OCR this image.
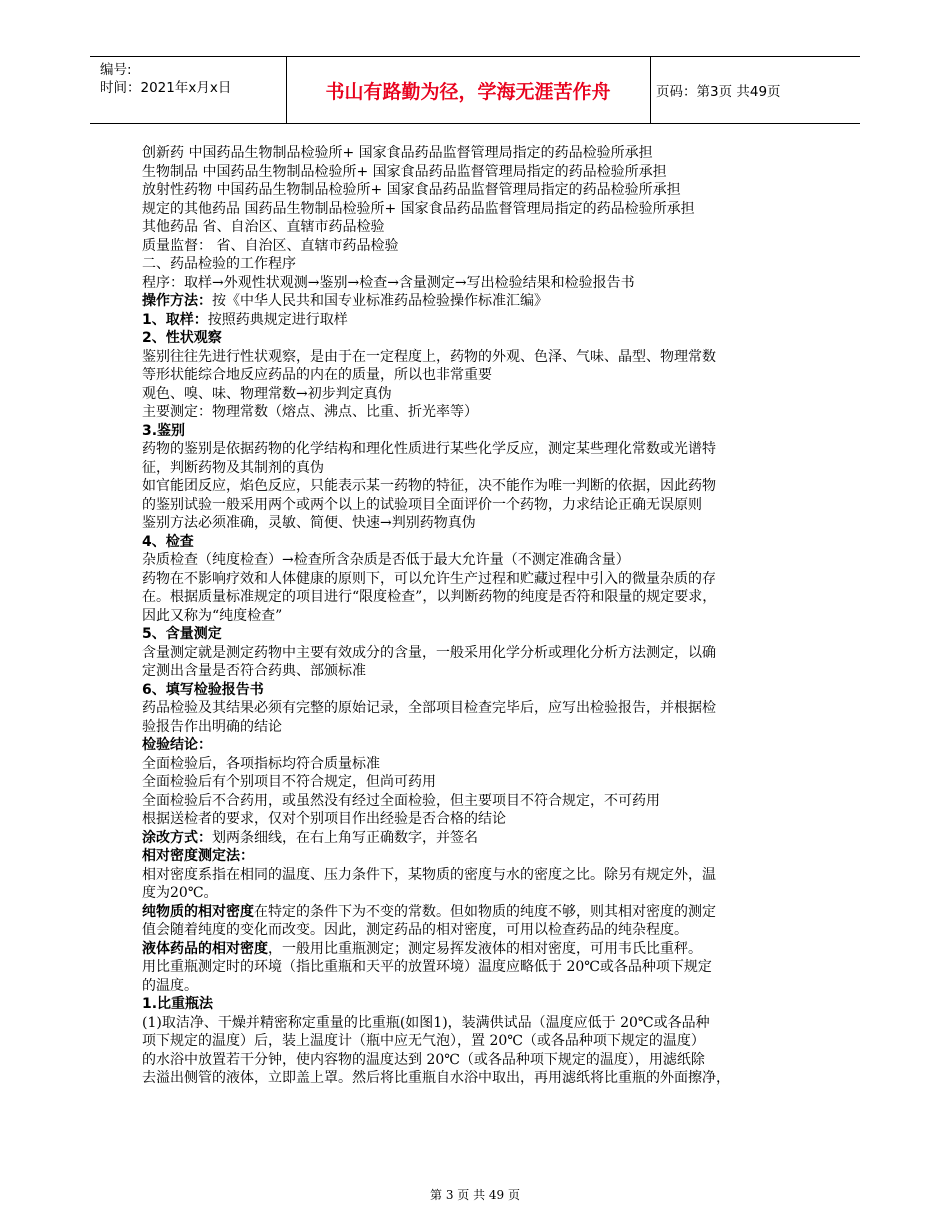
编号:
时间：2021年x月x日	书山有路勤为径，学海无涯苦作舟	页码：第3页 共49页
创新药 中国药品生物制品检验所+ 国家食品药品监督管理局指定的药品检验所承担
生物制品 中国药品生物制品检验所+ 国家食品药品监督管理局指定的药品检验所承担
放射性药物 中国药品生物制品检验所+ 国家食品药品监督管理局指定的药品检验所承担
规定的其他药品 国药品生物制品检验所+ 国家食品药品监督管理局指定的药品检验所承担
其他药品 省、自治区、直辖市药品检验
质量监督： 省、自治区、直辖市药品检验
二、药品检验的工作程序
程序：取样→外观性状观测→鉴别→检查→含量测定→写出检验结果和检验报告书
操作方法：按《中华人民共和国专业标准药品检验操作标准汇编》
1、取样：按照药典规定进行取样
2、性状观察
鉴别往往先进行性状观察，是由于在一定程度上，药物的外观、色泽、气味、晶型、物理常数
等形状能综合地反应药品的内在的质量，所以也非常重要
观色、嗅、味、物理常数→初步判定真伪
主要测定：物理常数（熔点、沸点、比重、折光率等）
3.鉴别
药物的鉴别是依据药物的化学结构和理化性质进行某些化学反应，测定某些理化常数或光谱特
征，判断药物及其制剂的真伪
如官能团反应，焰色反应，只能表示某一药物的特征，决不能作为唯一判断的依据，因此药物
的鉴别试验一般采用两个或两个以上的试验项目全面评价一个药物，力求结论正确无误原则
鉴别方法必须准确，灵敏、简便、快速→判别药物真伪
4、检查
杂质检查（纯度检查）→检查所含杂质是否低于最大允许量（不测定准确含量）
药物在不影响疗效和人体健康的原则下，可以允许生产过程和贮藏过程中引入的微量杂质的存
在。根据质量标准规定的项目进行“限度检查”，以判断药物的纯度是否符和限量的规定要求，
因此又称为“纯度检查”
5、含量测定
含量测定就是测定药物中主要有效成分的含量，一般采用化学分析或理化分析方法测定，以确
定测出含量是否符合药典、部颁标准
6、填写检验报告书
药品检验及其结果必须有完整的原始记录，全部项目检查完毕后，应写出检验报告，并根据检
验报告作出明确的结论
检验结论：
全面检验后，各项指标均符合质量标准
全面检验后有个别项目不符合规定，但尚可药用
全面检验后不合药用，或虽然没有经过全面检验，但主要项目不符合规定，不可药用
根据送检者的要求，仅对个别项目作出经验是否合格的结论
涂改方式：划两条细线，在右上角写正确数字，并签名
相对密度测定法：
相对密度系指在相同的温度、压力条件下，某物质的密度与水的密度之比。除另有规定外，温
度为20℃。
纯物质的相对密度在特定的条件下为不变的常数。但如物质的纯度不够，则其相对密度的测定
值会随着纯度的变化而改变。因此，测定药品的相对密度，可用以检查药品的纯杂程度。
液体药品的相对密度，一般用比重瓶测定；测定易挥发液体的相对密度，可用韦氏比重秤。
用比重瓶测定时的环境（指比重瓶和天平的放置环境）温度应略低于 20℃或各品种项下规定
的温度。
1.比重瓶法
(1)取洁净、干燥并精密称定重量的比重瓶(如图1)，装满供试品（温度应低于 20℃或各品种
项下规定的温度）后，装上温度计（瓶中应无气泡），置 20℃（或各品种项下规定的温度）
的水浴中放置若干分钟，使内容物的温度达到 20℃（或各品种项下规定的温度），用滤纸除
去溢出侧管的液体，立即盖上罩。然后将比重瓶自水浴中取出，再用滤纸将比重瓶的外面擦净，
第 3 页 共 49 页
